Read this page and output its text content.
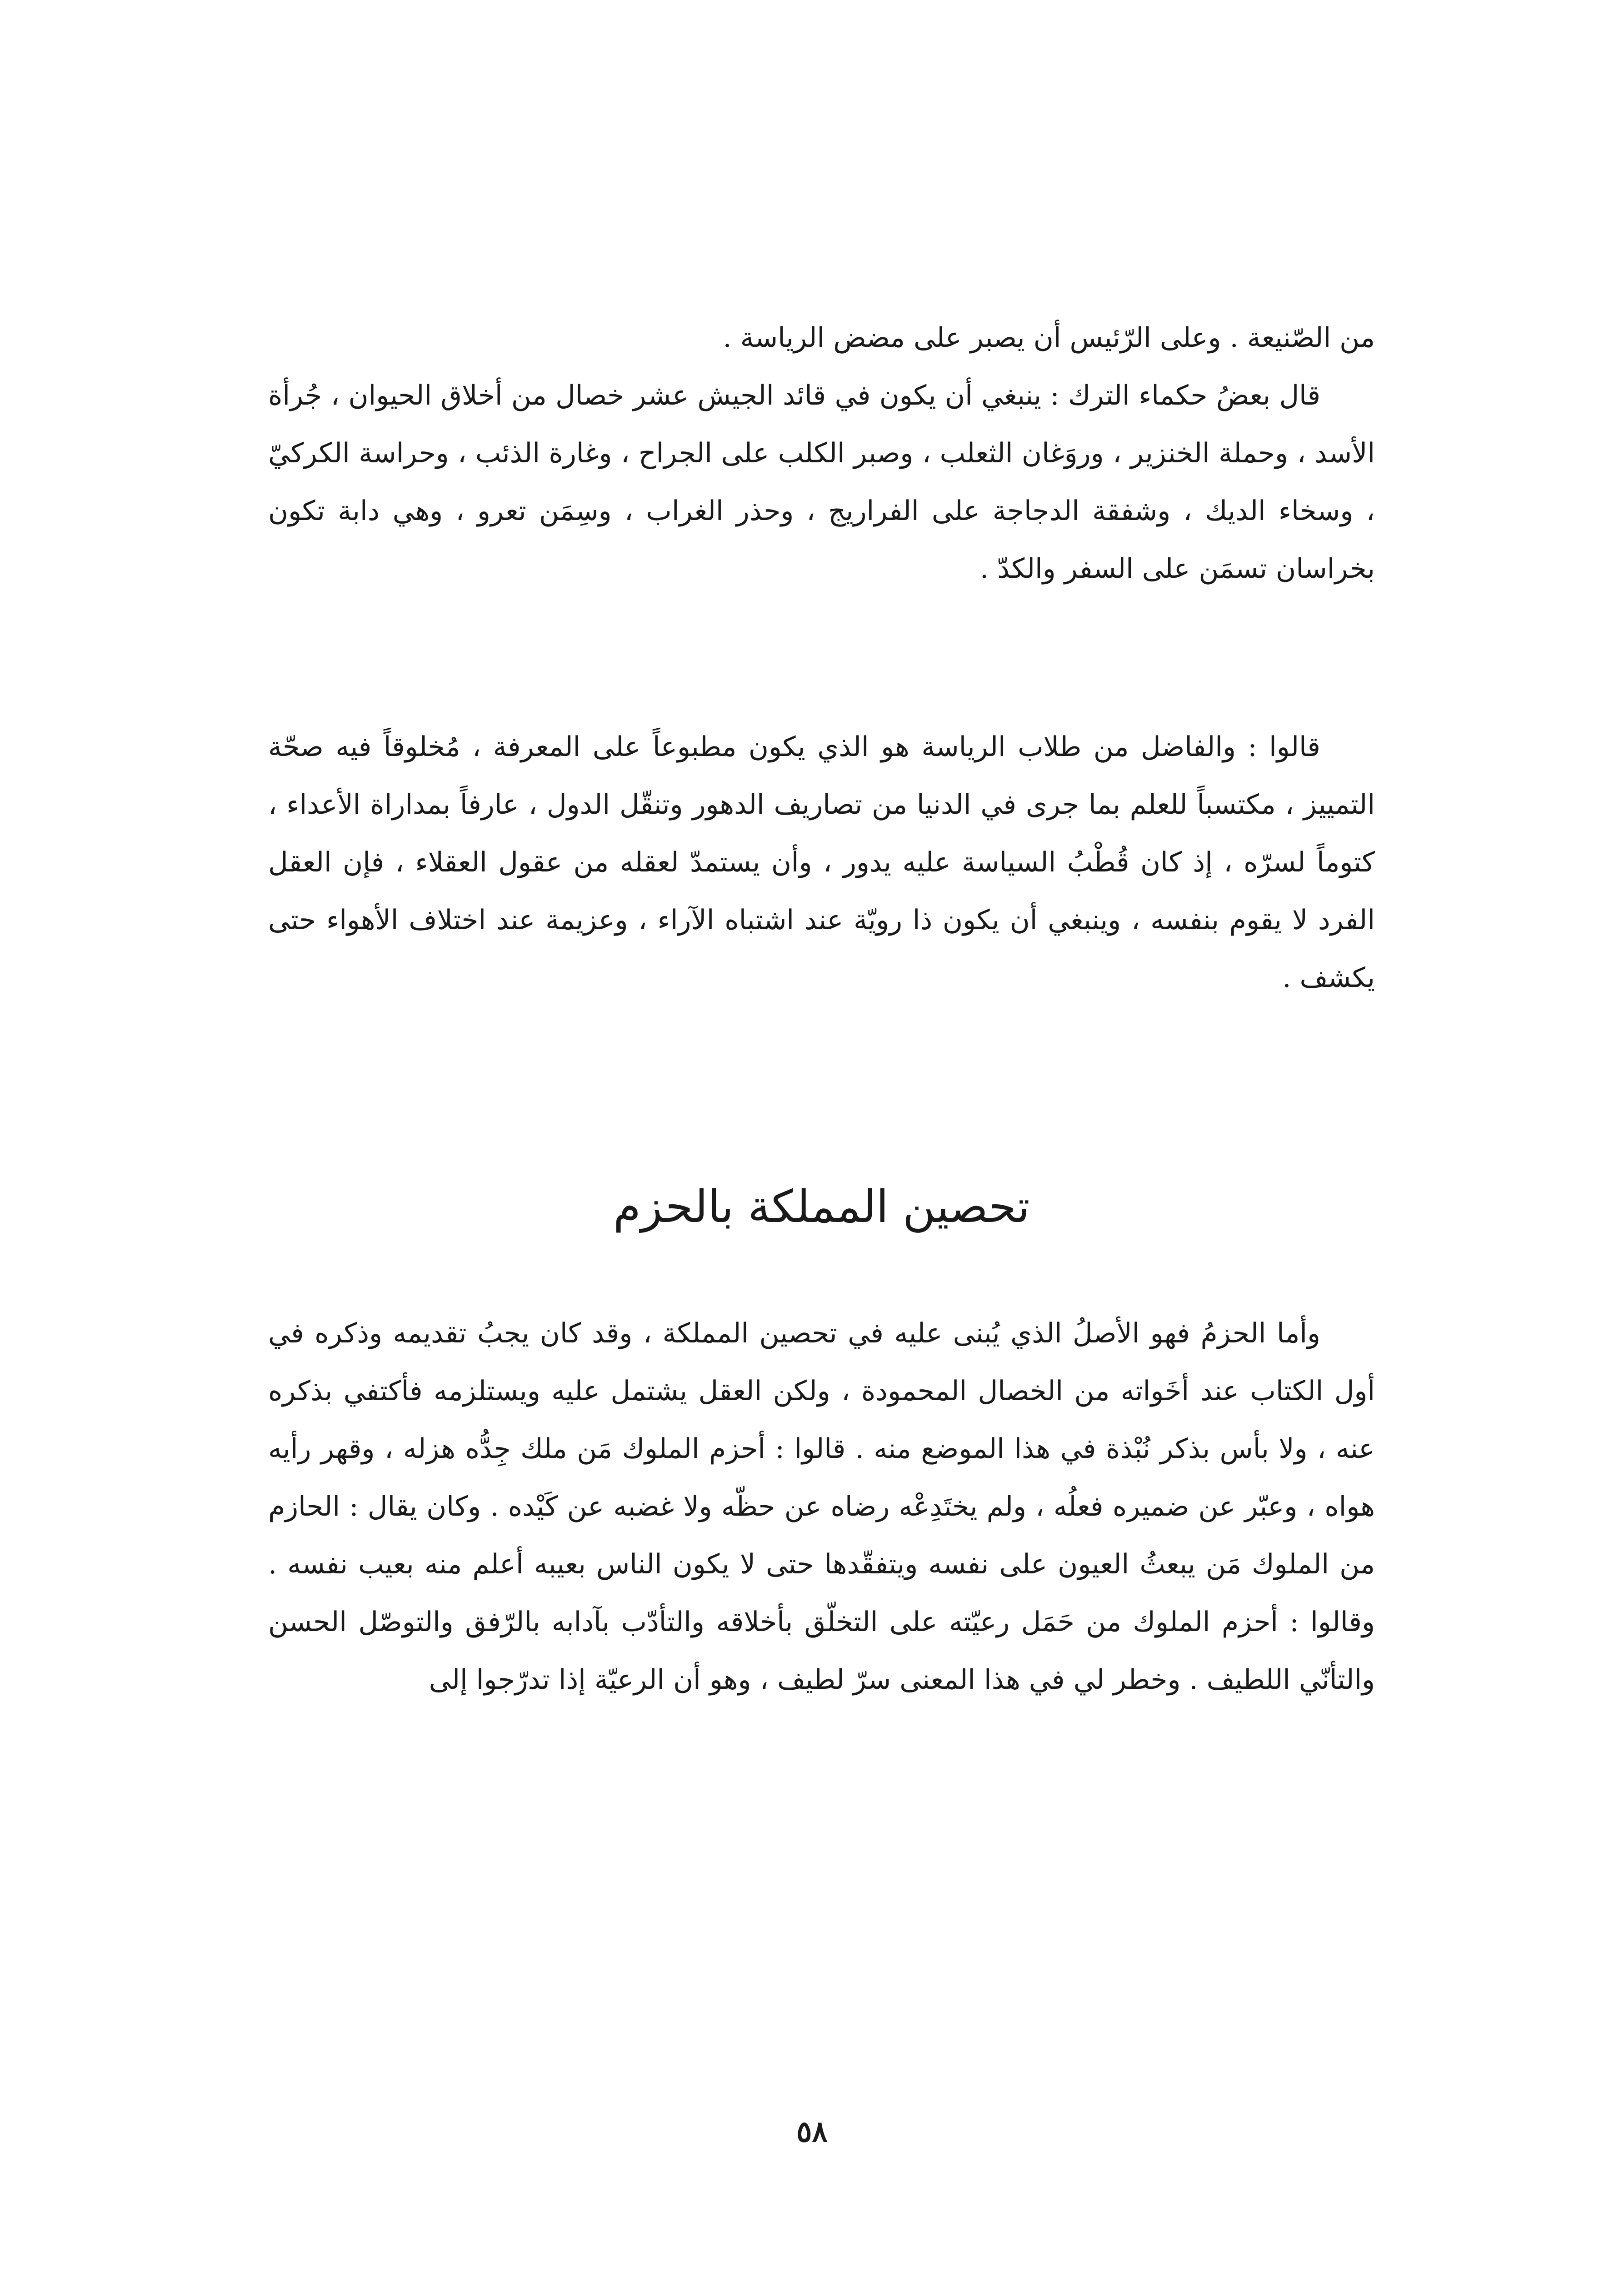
من الصّنيعة . وعلى الرّئيس أن يصبر على مضض الرياسة .

قال بعضُ حكماء الترك : ينبغي أن يكون في قائد الجيش عشر خصال من أخلاق الحيوان ، جُرأة الأسد ، وحملة الخنزير ، وروَغان الثعلب ، وصبر الكلب على الجراح ، وغارة الذئب ، وحراسة الكركيّ ، وسخاء الديك ، وشفقة الدجاجة على الفراريج ، وحذر الغراب ، وسِمَن تعرو ، وهي دابة تكون بخراسان تسمَن على السفر والكدّ .

قالوا : والفاضل من طلاب الرياسة هو الذي يكون مطبوعاً على المعرفة ، مُخلوقاً فيه صحّة التمييز ، مكتسباً للعلم بما جرى في الدنيا من تصاريف الدهور وتنقّل الدول ، عارفاً بمداراة الأعداء ، كتوماً لسرّه ، إذ كان قُطْبُ السياسة عليه يدور ، وأن يستمدّ لعقله من عقول العقلاء ، فإن العقل الفرد لا يقوم بنفسه ، وينبغي أن يكون ذا رويّة عند اشتباه الآراء ، وعزيمة عند اختلاف الأهواء حتى يكشف .

تحصين المملكة بالحزم

وأما الحزمُ فهو الأصلُ الذي يُبنى عليه في تحصين المملكة ، وقد كان يجبُ تقديمه وذكره في أول الكتاب عند أخَواته من الخصال المحمودة ، ولكن العقل يشتمل عليه ويستلزمه فأكتفي بذكره عنه ، ولا بأس بذكر نُبْذة في هذا الموضع منه . قالوا : أحزم الملوك مَن ملك جِدُّه هزله ، وقهر رأيه هواه ، وعبّر عن ضميره فعلُه ، ولم يختَدِعْه رضاه عن حظّه ولا غضبه عن كَيْده . وكان يقال : الحازم من الملوك مَن يبعثُ العيون على نفسه ويتفقّدها حتى لا يكون الناس بعيبه أعلم منه بعيب نفسه . وقالوا : أحزم الملوك من حَمَل رعيّته على التخلّق بأخلاقه والتأدّب بآدابه بالرّفق والتوصّل الحسن والتأنّي اللطيف . وخطر لي في هذا المعنى سرّ لطيف ، وهو أن الرعيّة إذا تدرّجوا إلى

٥٨
